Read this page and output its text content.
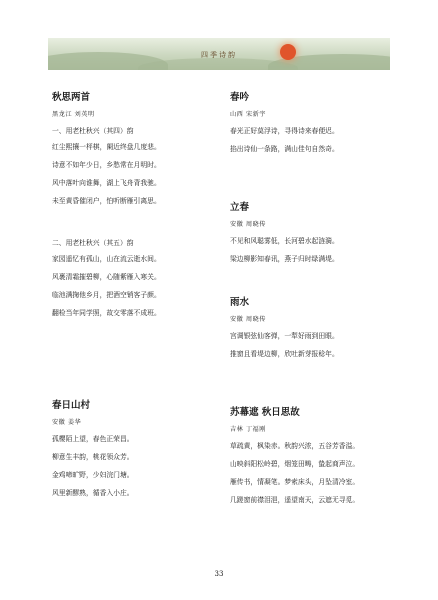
四季诗韵
秋思两首
黑龙江 刘英明
一、用老杜秋兴（其四）韵
红尘熙攘一枰棋，阑近终盘几度悲。
诗意不如年少日，乡愁常在月明时。
风中落叶向谁舞，湖上飞舟背我驰。
未至黄昏催闭户，怕听断雁引离思。
二、用老杜秋兴（其五）韵
家园遥忆有孤山，山在流云逝水间。
风裹清霜摧碧柳，心随紫雁入寒关。
临池满掬他乡月，把酒空销客子颜。
翻检当年同学照，故交零落不成班。
春日山村
安徽 姜华
孤樱陌上望，春色正荣昌。
柳意生丰韵，桃花领众芳。
金鸡啼旷野，少妇浣门塘。
风里新醪熟，循香入小庄。
春吟
山西 宋新宇
春光正好莫浮诗，寻得诗来春便迟。
掐出诗仙一条路，满山佳句自然奇。
立春
安徽 周晓传
不见和风聪雾低，长河碧水起涟漪。
梁边柳影知春讯，燕子归时绿满堤。
雨水
安徽 周晓传
宫调银弦仙客弹，一犁好雨到田眼。
推窗且看堤边柳，欣吐新芽报稔年。
苏幕遮 秋日思故
吉林 丁福刚
草疏黄，枫染赤。秋韵兴浓，五谷芳香溢。
山映斜阳松岭碧，烟笼田畴，蛰起商声泣。
雁传书，情凝笔。梦索床头，月坠清冷室。
几蹉窗前襟泪浥，遥望南天，云遮无寻觅。
33
